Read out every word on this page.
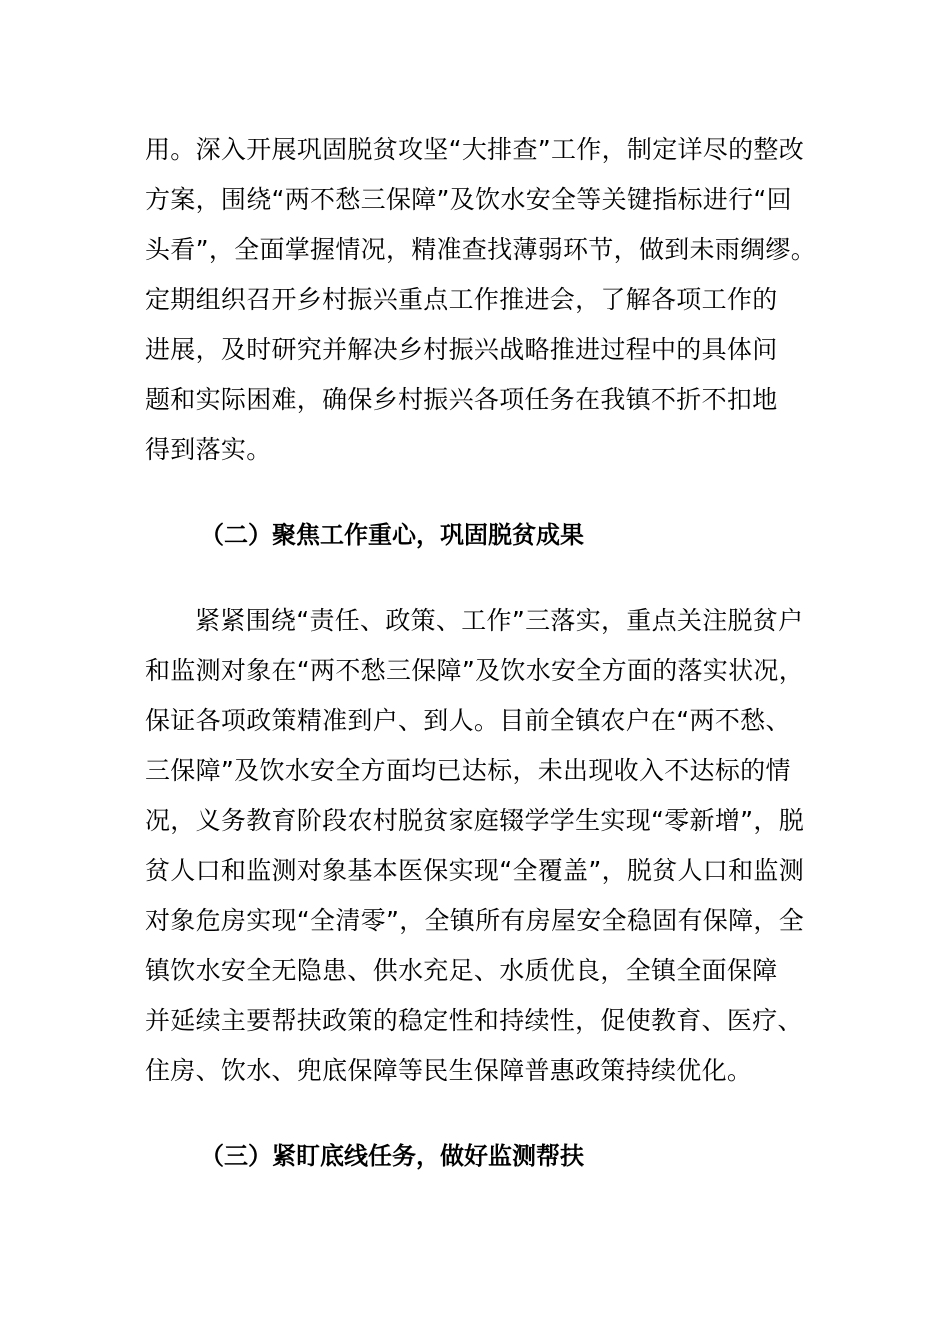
用。深入开展巩固脱贫攻坚“大排查”工作，制定详尽的整改
方案，围绕“两不愁三保障”及饮水安全等关键指标进行“回
头看”，全面掌握情况，精准查找薄弱环节，做到未雨绸缪。
定期组织召开乡村振兴重点工作推进会，了解各项工作的
进展，及时研究并解决乡村振兴战略推进过程中的具体问
题和实际困难，确保乡村振兴各项任务在我镇不折不扣地
得到落实。
（二）聚焦工作重心，巩固脱贫成果
紧紧围绕“责任、政策、工作”三落实，重点关注脱贫户
和监测对象在“两不愁三保障”及饮水安全方面的落实状况，
保证各项政策精准到户、到人。目前全镇农户在“两不愁、
三保障”及饮水安全方面均已达标，未出现收入不达标的情
况，义务教育阶段农村脱贫家庭辍学学生实现“零新增”，脱
贫人口和监测对象基本医保实现“全覆盖”，脱贫人口和监测
对象危房实现“全清零”，全镇所有房屋安全稳固有保障，全
镇饮水安全无隐患、供水充足、水质优良，全镇全面保障
并延续主要帮扶政策的稳定性和持续性，促使教育、医疗、
住房、饮水、兜底保障等民生保障普惠政策持续优化。
（三）紧盯底线任务，做好监测帮扶
